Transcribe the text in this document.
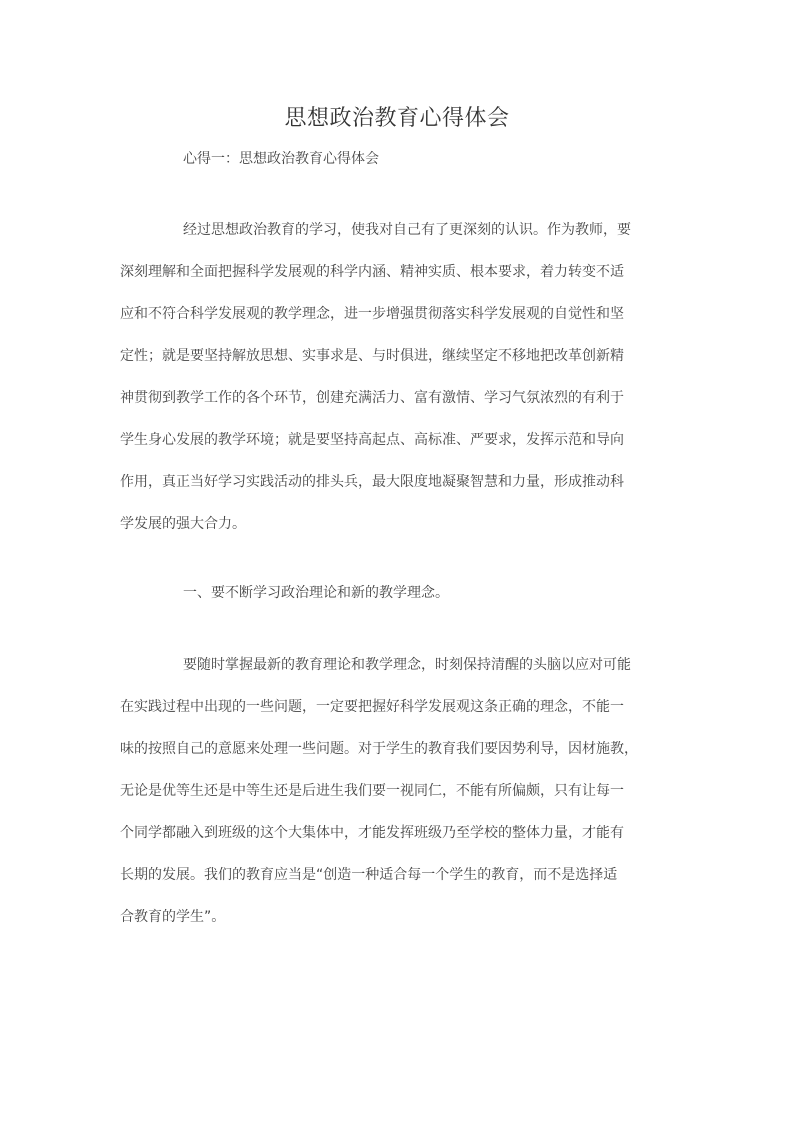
思想政治教育心得体会
心得一：思想政治教育心得体会
经过思想政治教育的学习，使我对自己有了更深刻的认识。作为教师，要
深刻理解和全面把握科学发展观的科学内涵、精神实质、根本要求，着力转变不适
应和不符合科学发展观的教学理念，进一步增强贯彻落实科学发展观的自觉性和坚
定性；就是要坚持解放思想、实事求是、与时俱进，继续坚定不移地把改革创新精
神贯彻到教学工作的各个环节，创建充满活力、富有激情、学习气氛浓烈的有利于
学生身心发展的教学环境；就是要坚持高起点、高标准、严要求，发挥示范和导向
作用，真正当好学习实践活动的排头兵，最大限度地凝聚智慧和力量，形成推动科
学发展的强大合力。
一、要不断学习政治理论和新的教学理念。
要随时掌握最新的教育理论和教学理念，时刻保持清醒的头脑以应对可能
在实践过程中出现的一些问题，一定要把握好科学发展观这条正确的理念，不能一
味的按照自己的意愿来处理一些问题。对于学生的教育我们要因势利导，因材施教，
无论是优等生还是中等生还是后进生我们要一视同仁，不能有所偏颇，只有让每一
个同学都融入到班级的这个大集体中，才能发挥班级乃至学校的整体力量，才能有
长期的发展。我们的教育应当是“创造一种适合每一个学生的教育，而不是选择适
合教育的学生”。
